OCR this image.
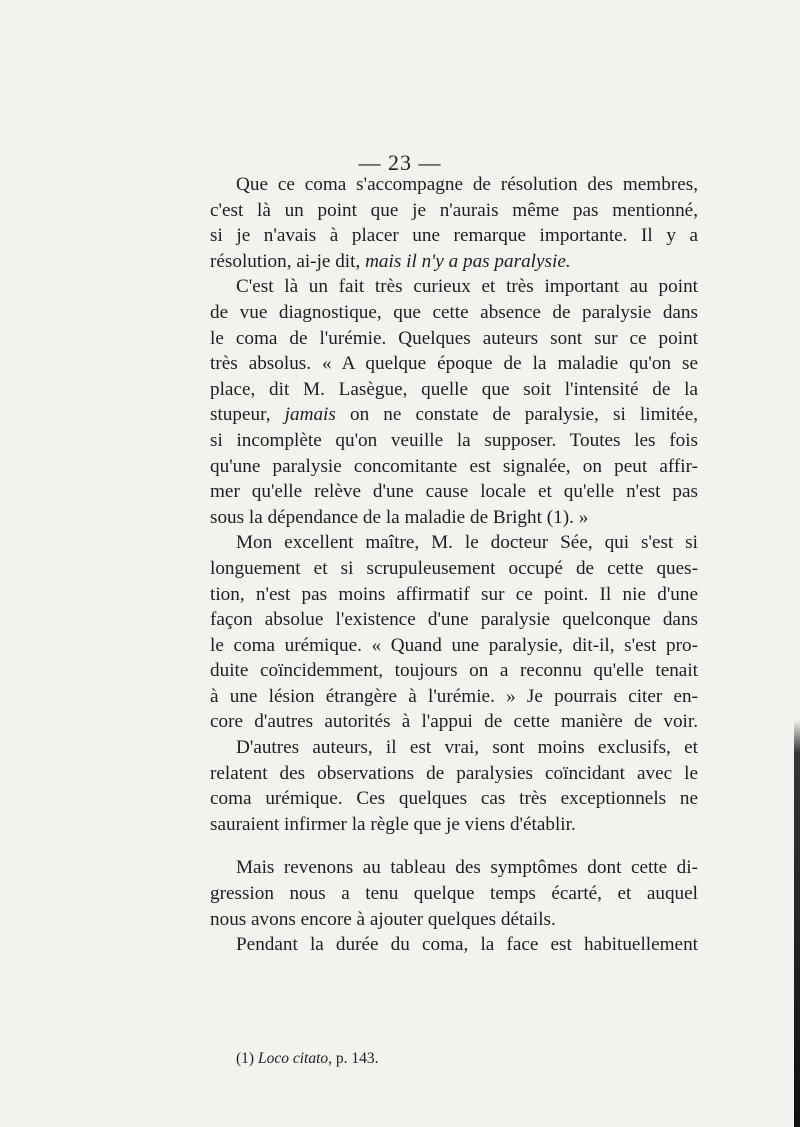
— 23 —
Que ce coma s'accompagne de résolution des membres,
c'est là un point que je n'aurais même pas mentionné,
si je n'avais à placer une remarque importante. Il y a
résolution, ai-je dit, mais il n'y a pas paralysie.
C'est là un fait très curieux et très important au point
de vue diagnostique, que cette absence de paralysie dans
le coma de l'urémie. Quelques auteurs sont sur ce point
très absolus. « A quelque époque de la maladie qu'on se
place, dit M. Lasègue, quelle que soit l'intensité de la
stupeur, jamais on ne constate de paralysie, si limitée,
si incomplète qu'on veuille la supposer. Toutes les fois
qu'une paralysie concomitante est signalée, on peut affir-
mer qu'elle relève d'une cause locale et qu'elle n'est pas
sous la dépendance de la maladie de Bright (1). »
Mon excellent maître, M. le docteur Sée, qui s'est si
longuement et si scrupuleusement occupé de cette ques-
tion, n'est pas moins affirmatif sur ce point. Il nie d'une
façon absolue l'existence d'une paralysie quelconque dans
le coma urémique. « Quand une paralysie, dit-il, s'est pro-
duite coïncidemment, toujours on a reconnu qu'elle tenait
à une lésion étrangère à l'urémie. » Je pourrais citer en-
core d'autres autorités à l'appui de cette manière de voir.
D'autres auteurs, il est vrai, sont moins exclusifs, et
relatent des observations de paralysies coïncidant avec le
coma urémique. Ces quelques cas très exceptionnels ne
sauraient infirmer la règle que je viens d'établir.
Mais revenons au tableau des symptômes dont cette di-
gression nous a tenu quelque temps écarté, et auquel
nous avons encore à ajouter quelques détails.
Pendant la durée du coma, la face est habituellement
(1) Loco citato, p. 143.
